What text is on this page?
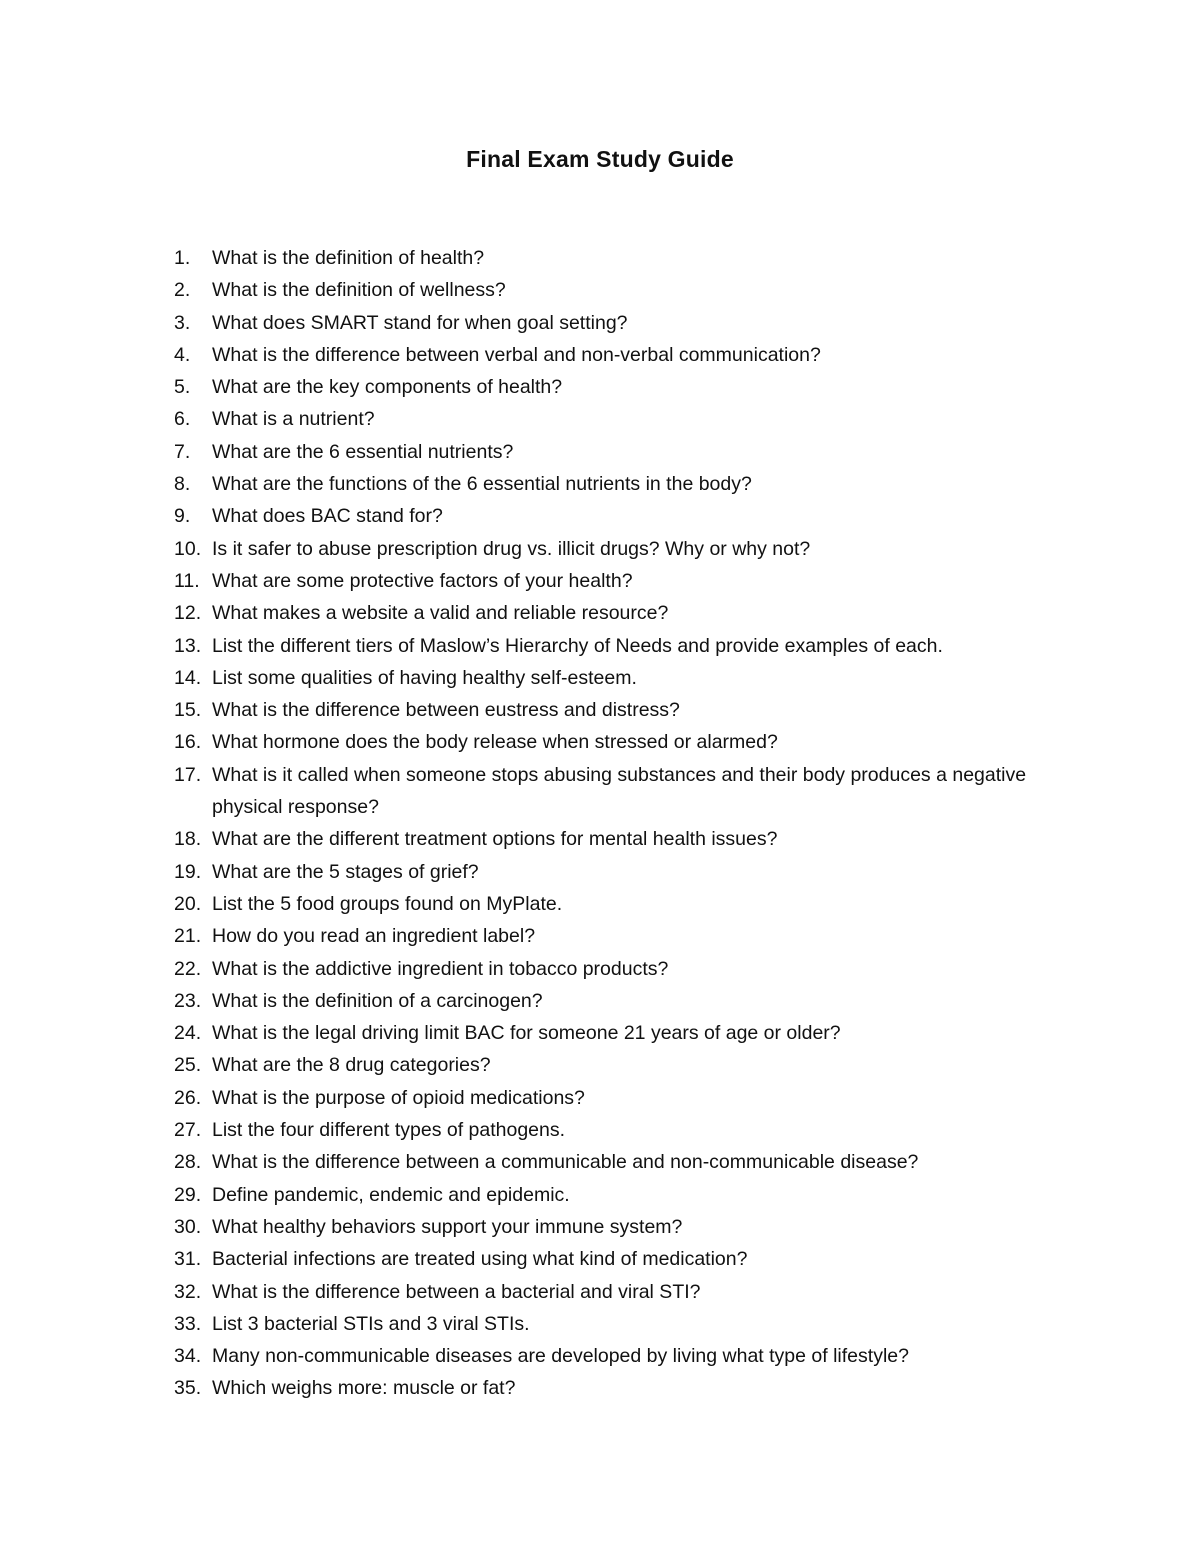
Final Exam Study Guide
1. What is the definition of health?
2. What is the definition of wellness?
3. What does SMART stand for when goal setting?
4. What is the difference between verbal and non-verbal communication?
5. What are the key components of health?
6. What is a nutrient?
7. What are the 6 essential nutrients?
8. What are the functions of the 6 essential nutrients in the body?
9. What does BAC stand for?
10. Is it safer to abuse prescription drug vs. illicit drugs? Why or why not?
11. What are some protective factors of your health?
12. What makes a website a valid and reliable resource?
13. List the different tiers of Maslow’s Hierarchy of Needs and provide examples of each.
14. List some qualities of having healthy self-esteem.
15. What is the difference between eustress and distress?
16. What hormone does the body release when stressed or alarmed?
17. What is it called when someone stops abusing substances and their body produces a negative physical response?
18. What are the different treatment options for mental health issues?
19. What are the 5 stages of grief?
20. List the 5 food groups found on MyPlate.
21. How do you read an ingredient label?
22. What is the addictive ingredient in tobacco products?
23. What is the definition of a carcinogen?
24. What is the legal driving limit BAC for someone 21 years of age or older?
25. What are the 8 drug categories?
26. What is the purpose of opioid medications?
27. List the four different types of pathogens.
28. What is the difference between a communicable and non-communicable disease?
29. Define pandemic, endemic and epidemic.
30. What healthy behaviors support your immune system?
31. Bacterial infections are treated using what kind of medication?
32. What is the difference between a bacterial and viral STI?
33. List 3 bacterial STIs and 3 viral STIs.
34. Many non-communicable diseases are developed by living what type of lifestyle?
35. Which weighs more: muscle or fat?
